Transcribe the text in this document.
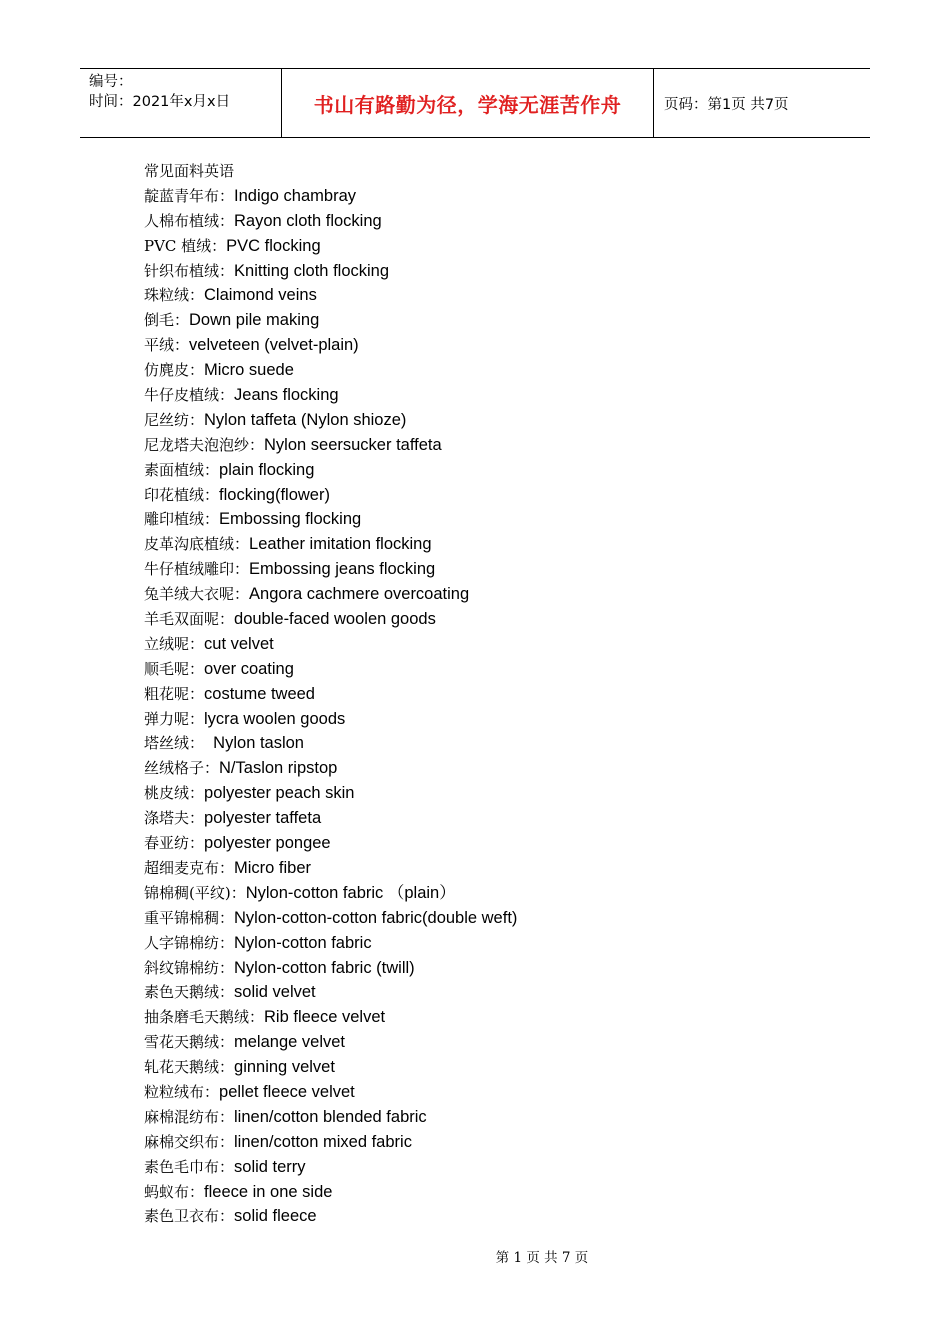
编号：
时间：2021年x月x日	书山有路勤为径，学海无涯苦作舟	页码：第1页 共7页
常见面料英语
靛蓝青年布：Indigo chambray
人棉布植绒：Rayon cloth flocking
PVC 植绒：PVC flocking
针织布植绒：Knitting cloth flocking
珠粒绒：Claimond veins
倒毛：Down pile making
平绒：velveteen (velvet-plain)
仿麂皮：Micro suede
牛仔皮植绒：Jeans flocking
尼丝纺：Nylon taffeta (Nylon shioze)
尼龙塔夫泡泡纱：Nylon seersucker taffeta
素面植绒：plain flocking
印花植绒：flocking(flower)
雕印植绒：Embossing flocking
皮革沟底植绒：Leather imitation flocking
牛仔植绒雕印：Embossing jeans flocking
兔羊绒大衣呢：Angora cachmere overcoating
羊毛双面呢：double-faced woolen goods
立绒呢：cut velvet
顺毛呢：over coating
粗花呢：costume tweed
弹力呢：lycra woolen goods
塔丝绒：  Nylon taslon
丝绒格子：N/Taslon ripstop
桃皮绒：polyester peach skin
涤塔夫：polyester taffeta
春亚纺：polyester pongee
超细麦克布：Micro fiber
锦棉稠(平纹)：Nylon-cotton fabric （plain）
重平锦棉稠：Nylon-cotton-cotton fabric(double weft)
人字锦棉纺：Nylon-cotton fabric
斜纹锦棉纺：Nylon-cotton fabric (twill)
素色天鹅绒：solid velvet
抽条磨毛天鹅绒：Rib fleece velvet
雪花天鹅绒：melange velvet
轧花天鹅绒：ginning velvet
粒粒绒布：pellet fleece velvet
麻棉混纺布：linen/cotton blended fabric
麻棉交织布：linen/cotton mixed fabric
素色毛巾布：solid terry
蚂蚁布：fleece in one side
素色卫衣布：solid fleece
第 1 页 共 7 页
